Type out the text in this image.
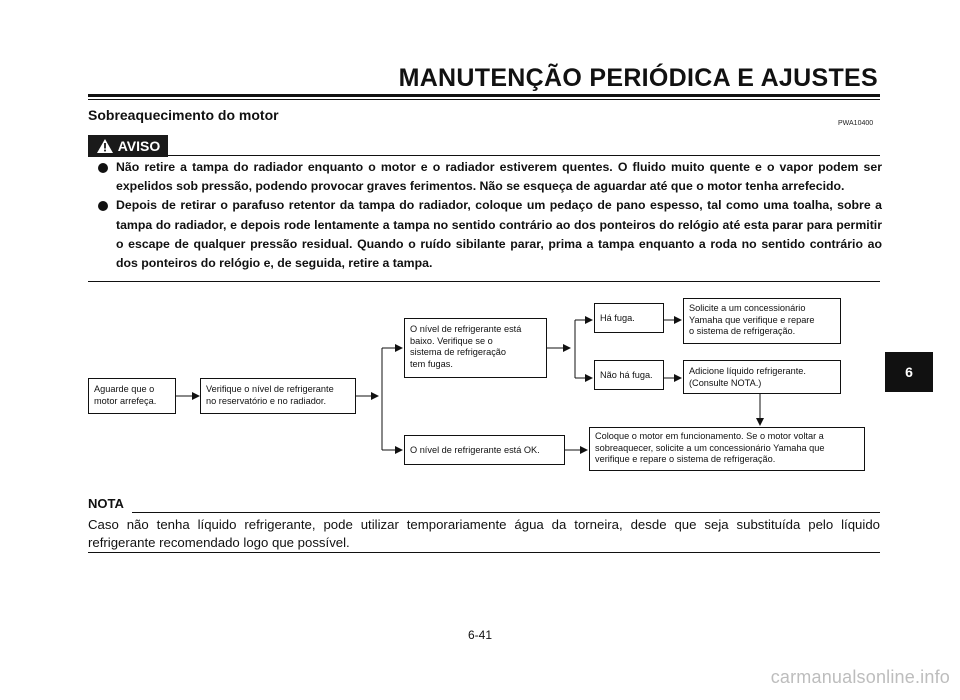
MANUTENÇÃO PERIÓDICA E AJUSTES
Sobreaquecimento do motor
PWA10400
AVISO
Não retire a tampa do radiador enquanto o motor e o radiador estiverem quentes. O fluido muito quente e o vapor podem ser expelidos sob pressão, podendo provocar graves ferimentos. Não se esqueça de aguardar até que o motor tenha arrefecido.
Depois de retirar o parafuso retentor da tampa do radiador, coloque um pedaço de pano espesso, tal como uma toalha, sobre a tampa do radiador, e depois rode lentamente a tampa no sentido contrário ao dos ponteiros do relógio até esta parar para permitir o escape de qualquer pressão residual. Quando o ruído sibilante parar, prima a tampa enquanto a roda no sentido contrário ao dos ponteiros do relógio e, de seguida, retire a tampa.
Aguarde que o
motor arrefeça.
Verifique o nível de refrigerante
no reservatório e no radiador.
O nível de refrigerante está
baixo. Verifique se o
sistema de refrigeração
tem fugas.
O nível de refrigerante está OK.
Há fuga.
Não há fuga.
Solicite a um concessionário
Yamaha que verifique e repare
o sistema de refrigeração.
Adicione líquido refrigerante.
(Consulte NOTA.)
Coloque o motor em funcionamento. Se o motor voltar a
sobreaquecer, solicite a um concessionário Yamaha que
verifique e repare o sistema de refrigeração.
NOTA
Caso não tenha líquido refrigerante, pode utilizar temporariamente água da torneira, desde que seja substituída pelo líquido refrigerante recomendado logo que possível.
6
6-41
carmanualsonline.info
